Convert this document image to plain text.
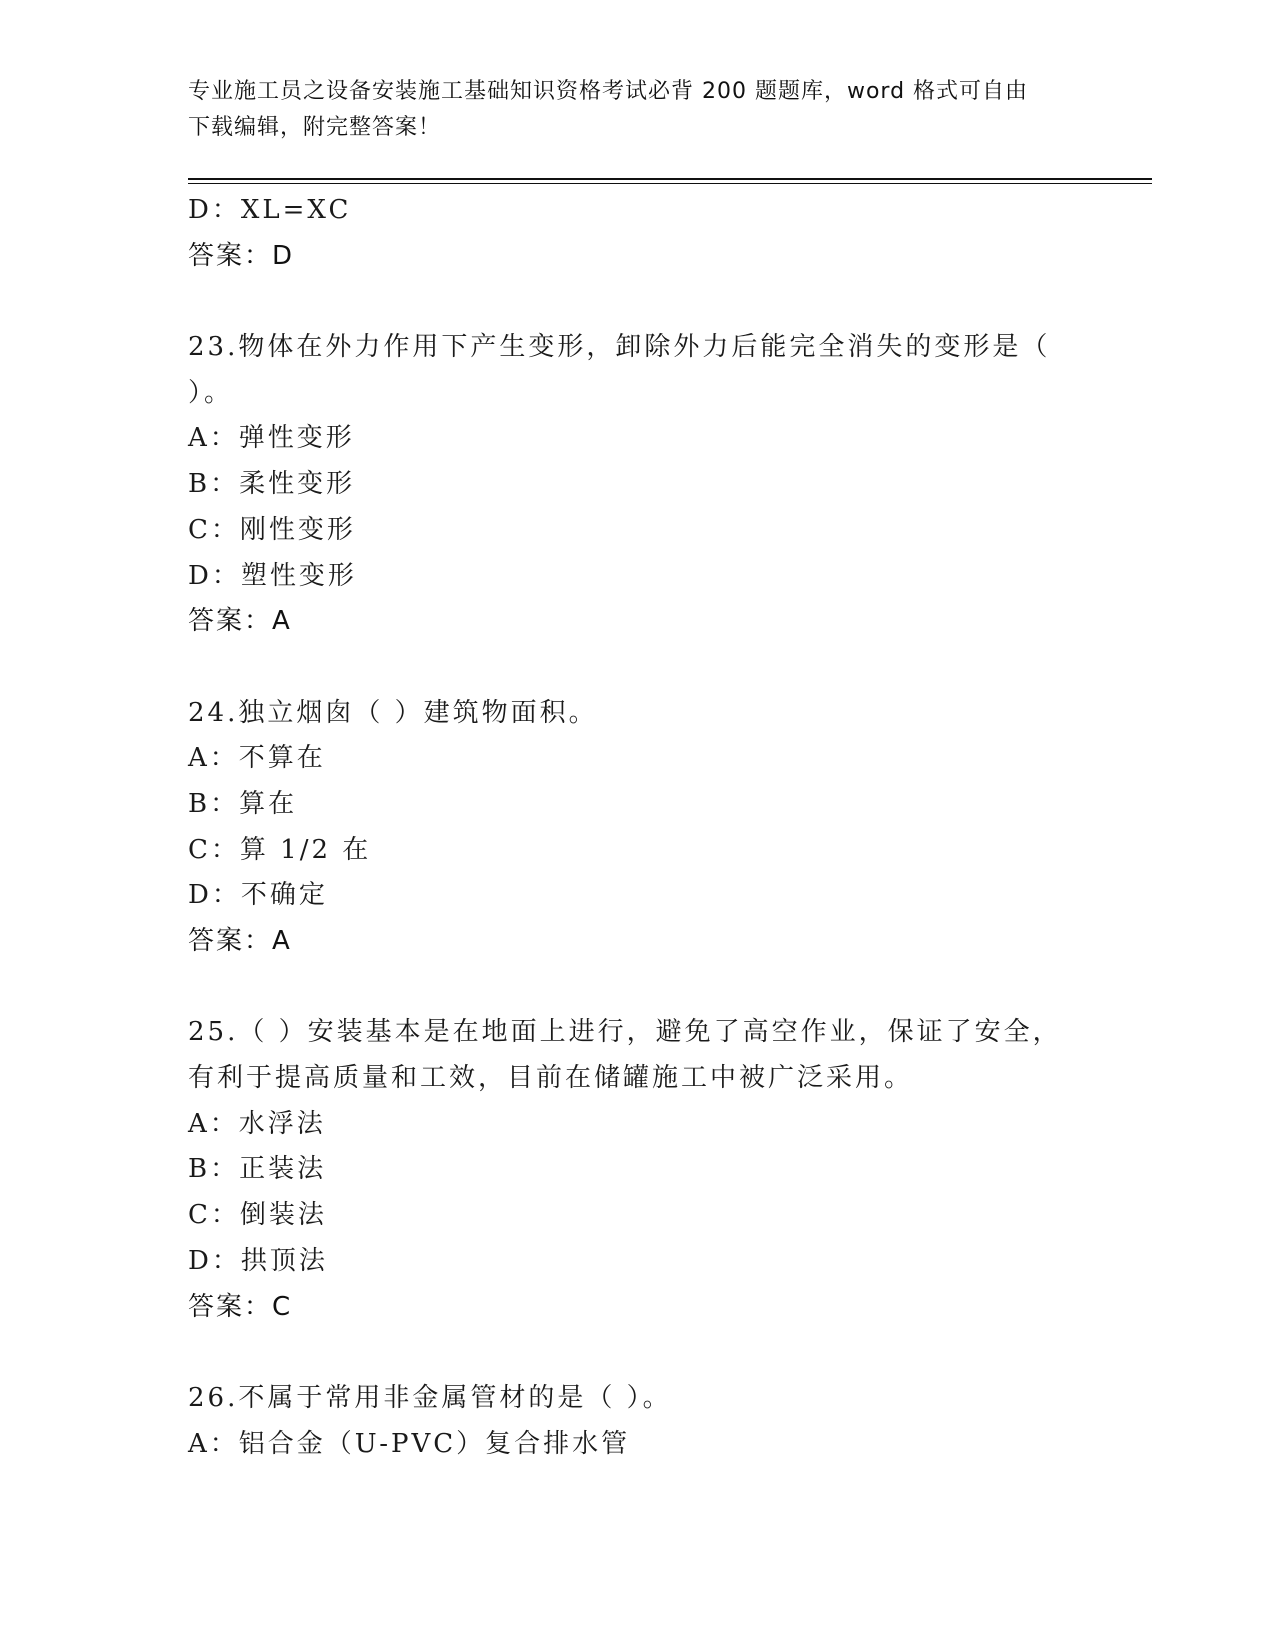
专业施工员之设备安装施工基础知识资格考试必背 200 题题库，word 格式可自由
下载编辑，附完整答案！
D：XL=XC
答案：D
23.物体在外力作用下产生变形，卸除外力后能完全消失的变形是（
）。
A：弹性变形
B：柔性变形
C：刚性变形
D：塑性变形
答案：A
24.独立烟囱（ ）建筑物面积。
A：不算在
B：算在
C：算 1/2 在
D：不确定
答案：A
25.（ ）安装基本是在地面上进行，避免了高空作业，保证了安全，
有利于提高质量和工效，目前在储罐施工中被广泛采用。
A：水浮法
B：正装法
C：倒装法
D：拱顶法
答案：C
26.不属于常用非金属管材的是（ ）。
A：铝合金（U-PVC）复合排水管
